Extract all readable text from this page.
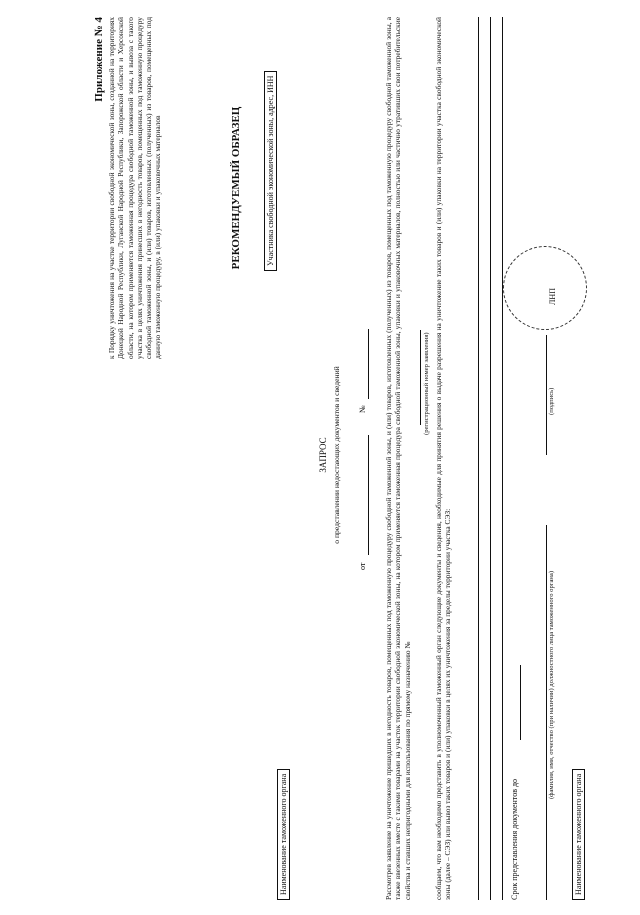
Приложение № 4 к Порядку уничтожения на участке территории свободной экономической зоны, созданной на территориях Донецкой Народной Республики, Луганской Народной Республики, Запорожской области и Херсонской области, на котором применяется таможенная процедура свободной таможенной зоны, и вывоза с такого участка в целях уничтожения принесших в негодность товаров, помещенных под таможенную процедуру свободной таможенной зоны, и (или) товаров, изготовленных (полученных) из товаров, помещенных под данную таможенную процедуру, в (или) упаковки и упаковочных материалов	РЕКОМЕНДУЕМЫЙ ОБРАЗЕЦ	Участника свободной экономической зоны, адрес, ИНН
Наименование таможенного органа
ЗАПРОС о представлении недостающих документов и сведений
от
№ Рассмотрев заявление на уничтожение пришедших в негодность товаров, помещенных под таможенную процедуру свободной таможенной зоны, и (или) товаров, изготовленных (полученных) из товаров, помещенных под таможенную процедуру свободной таможенной зоны, а также ввезенных вместе с такими товарами на участок территории свободной экономической зоны, на котором применяется таможенная процедура свободной таможенной зоны, упаковки и упаковочных материалов, полностью или частично утративших свои потребительские свойства и ставших непригодными для использования по прямому назначению №
(регистрационный номер заявления) сообщаем, что вам необходимо представить в уполномоченный таможенный орган следующие документы и сведения, необходимые для принятия решения о выдаче разрешения на уничтожение таких товаров и (или) упаковки на территории участка свободной экономической зоны (далее – СЭЗ) или вывоз таких товаров и (или) упаковки в целях их уничтожения за пределы территории участка СЭЗ:	Срок представления документов до
(фамилия, имя, отчество (при наличии) должностного лица таможенного органа)
(подпись)
ЛНП
Наименование таможенного органа
